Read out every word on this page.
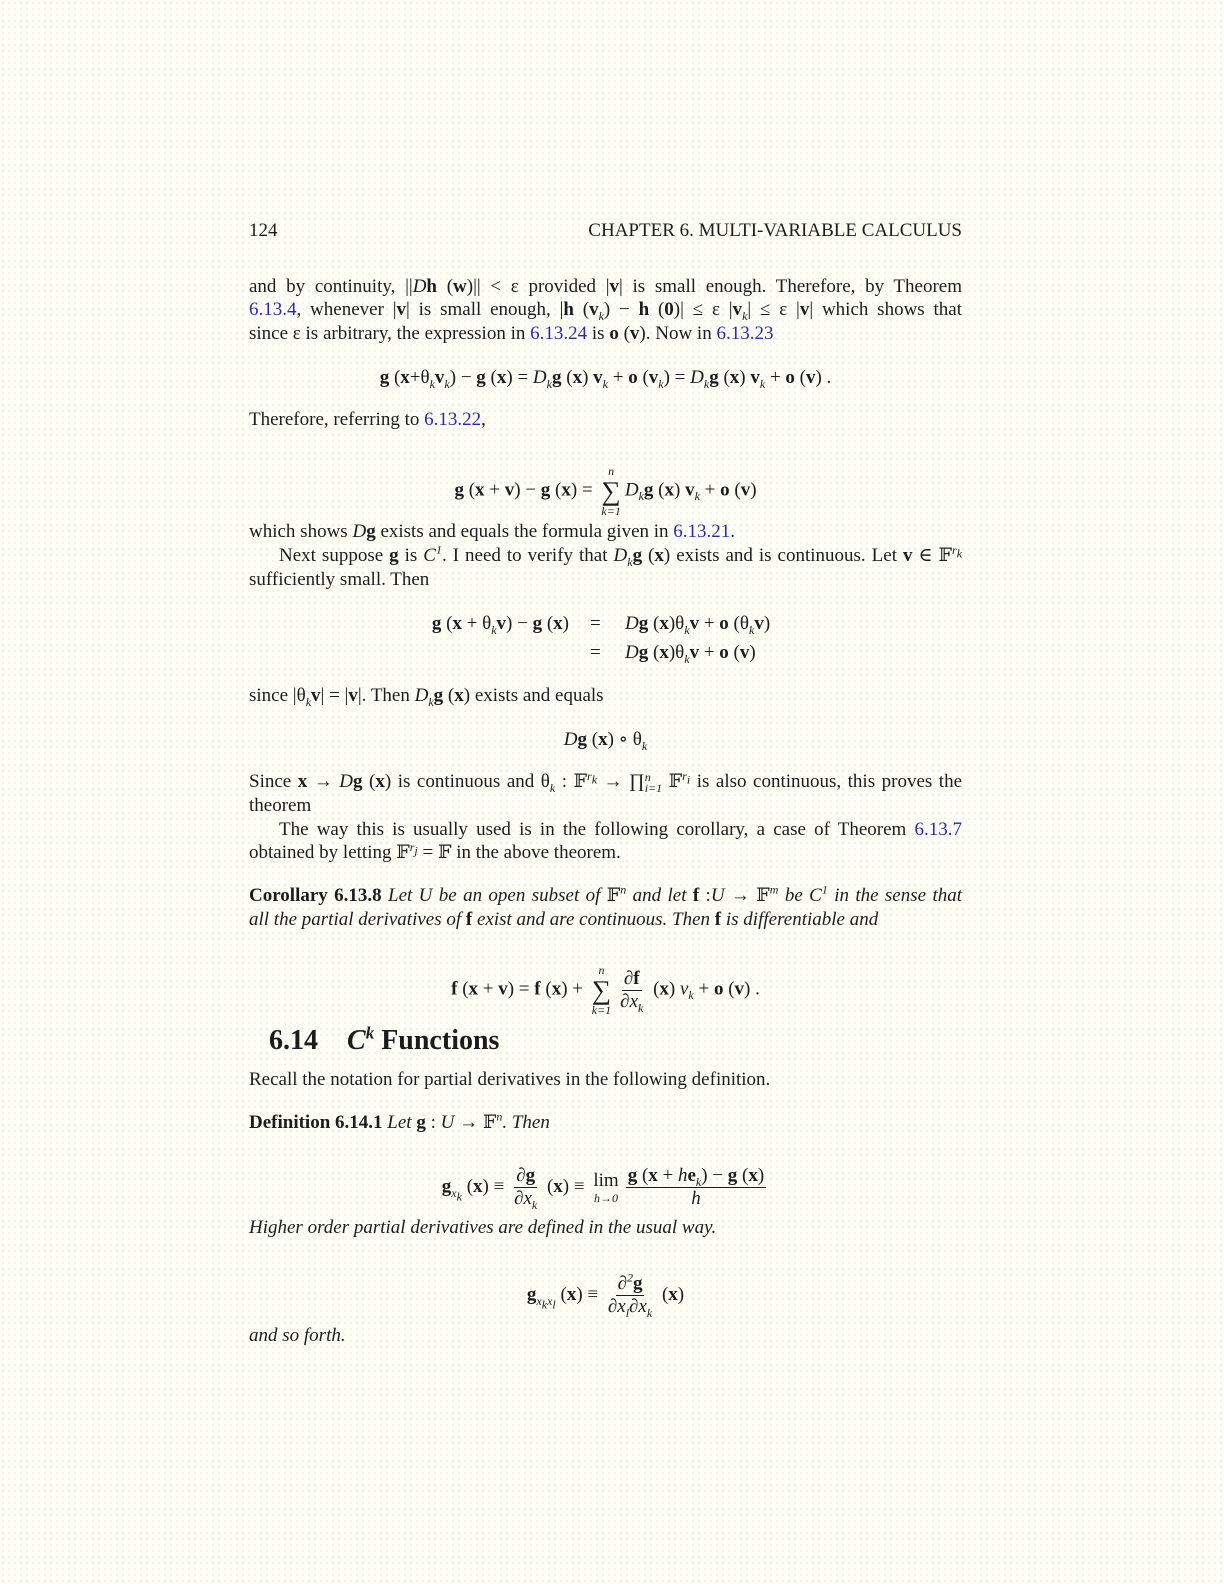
124	CHAPTER 6. MULTI-VARIABLE CALCULUS
and by continuity, ||Dh (w)|| < ε provided |v| is small enough. Therefore, by Theorem
6.13.4, whenever |v| is small enough, |h $(v_k) - h$ (0)| ≤ ε $|v_k| \le \varepsilon$ |v| which shows that
since ε is arbitrary, the expression in 6.13.24 is o (v). Now in 6.13.23
g $(x+\theta_kv_k) - g$ $(x) = D_kg$ (x) $v_k + o$ $(v_k) = D_kg$ (x) $v_k + o$ (v) .
Therefore, referring to 6.13.22,
g (x + v) − g (x) =
n
∑
k=1
$D_kg$ (x) $v_k + o$ (v)
which shows Dg exists and equals the formula given in 6.13.21.
Next suppose g is $C^1$. I need to verify that $D_kg$ (x) exists and is continuous. Let v ∈ 𝔽$^{r_k}$
sufficiently small. Then
g $(x + \theta_kv) - g$ (x) = Dg $(x)\theta_kv + o$ $(\theta_kv)$
= Dg $(x)\theta_kv + o$ (v)
since $|\theta_kv| = |v|$. Then $D_kg$ (x) exists and equals
Dg (x) ∘ $\theta_k$
Since x → Dg (x) is continuous and $\theta_k$ : 𝔽$^{r_k}$ → ∏ n
i=1 𝔽$^{r_i}$ is also continuous, this proves the
theorem
The way this is usually used is in the following corollary, a case of Theorem 6.13.7
obtained by letting 𝔽$^{r_j}$ = 𝔽 in the above theorem.
Corollary 6.13.8 Let U be an open subset of 𝔽$^n$ and let f :U → 𝔽$^m$ be $C^1$ in the sense that
all the partial derivatives of f exist and are continuous. Then f is differentiable and
f (x + v) = f (x) +
n
∑
$k=1 \frac{\partial f}{\partial x_k} (x) v_k + o$ (v) .
6.14 $C^k$ Functions
Recall the notation for partial derivatives in the following definition.
Definition 6.14.1 Let g : U → 𝔽$^n$. Then
$g_{x_k}$ $(x) \equiv \frac{\partial g}{\partial x_k} (x) \equiv \lim$
$h\to 0 \frac{g (x + he_k) - g (x)}{h}$
Higher order partial derivatives are defined in the usual way.
$g_{x_kx_l}$ $(x) \equiv \frac{\partial^2g}{\partial x_l\partial x_k} (x)$
and so forth.
